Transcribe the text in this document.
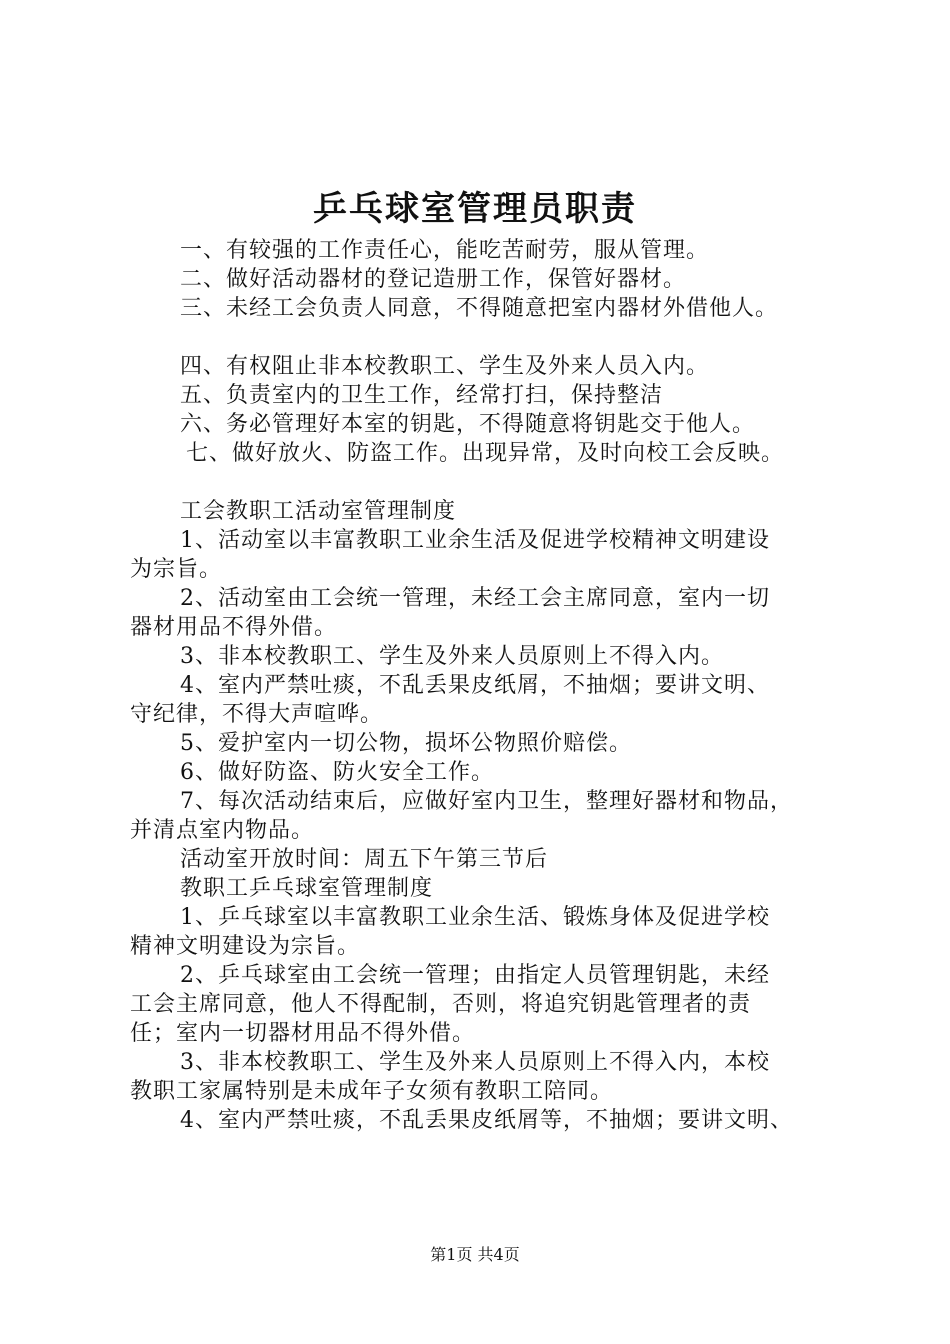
乒乓球室管理员职责

一、有较强的工作责任心，能吃苦耐劳，服从管理。

二、做好活动器材的登记造册工作，保管好器材。

三、未经工会负责人同意，不得随意把室内器材外借他人。

四、有权阻止非本校教职工、学生及外来人员入内。

五、负责室内的卫生工作，经常打扫，保持整洁

六、务必管理好本室的钥匙，不得随意将钥匙交于他人。

七、做好放火、防盗工作。出现异常，及时向校工会反映。

工会教职工活动室管理制度

1、活动室以丰富教职工业余生活及促进学校精神文明建设

为宗旨。

2、活动室由工会统一管理，未经工会主席同意，室内一切

器材用品不得外借。

3、非本校教职工、学生及外来人员原则上不得入内。

4、室内严禁吐痰，不乱丢果皮纸屑，不抽烟；要讲文明、

守纪律，不得大声喧哗。

5、爱护室内一切公物，损坏公物照价赔偿。

6、做好防盗、防火安全工作。

7、每次活动结束后，应做好室内卫生，整理好器材和物品，

并清点室内物品。

活动室开放时间：周五下午第三节后

教职工乒乓球室管理制度

1、乒乓球室以丰富教职工业余生活、锻炼身体及促进学校

精神文明建设为宗旨。

2、乒乓球室由工会统一管理；由指定人员管理钥匙，未经

工会主席同意，他人不得配制，否则，将追究钥匙管理者的责

任；室内一切器材用品不得外借。

3、非本校教职工、学生及外来人员原则上不得入内，本校

教职工家属特别是未成年子女须有教职工陪同。

4、室内严禁吐痰，不乱丢果皮纸屑等，不抽烟；要讲文明、

第1页 共4页
